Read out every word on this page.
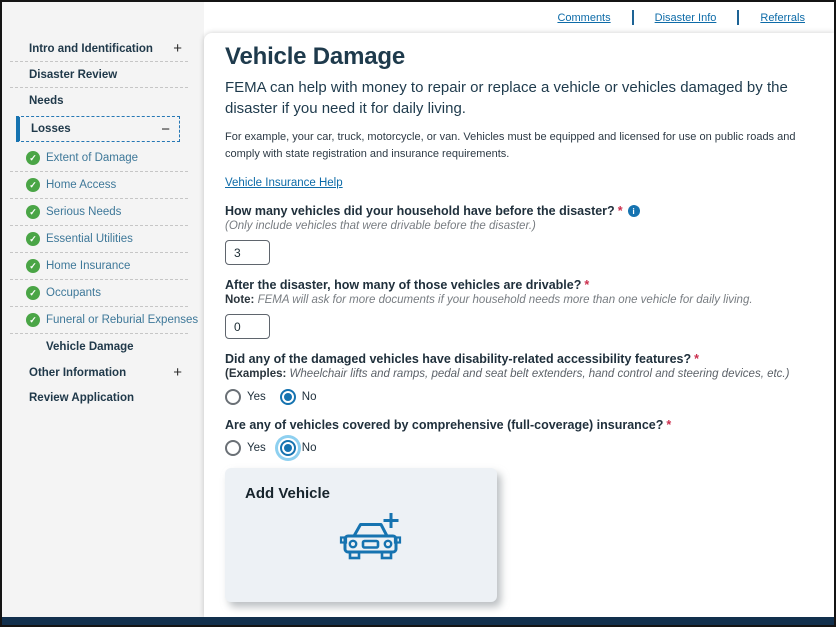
Intro and Identification +
Disaster Review
Needs
Losses	−
✓ Extent of Damage
✓ Home Access
✓ Serious Needs
✓ Essential Utilities
✓ Home Insurance
✓ Occupants
✓ Funeral or Reburial Expenses
Vehicle Damage
Other Information	+
Review Application
Comments	Disaster Info	Referrals
Vehicle Damage

FEMA can help with money to repair or replace a vehicle or vehicles damaged by the disaster if you need it for daily living.

For example, your car, truck, motorcycle, or van. Vehicles must be equipped and licensed for use on public roads and comply with state registration and insurance requirements.

Vehicle Insurance Help
How many vehicles did your household have before the disaster? * i
(Only include vehicles that were drivable before the disaster.)
3
After the disaster, how many of those vehicles are drivable? *
Note: FEMA will ask for more documents if your household needs more than one vehicle for daily living.
0
Did any of the damaged vehicles have disability-related accessibility features? *
(Examples: Wheelchair lifts and ramps, pedal and seat belt extenders, hand control and steering devices, etc.)
Yes	No
Are any of vehicles covered by comprehensive (full-coverage) insurance? *
Yes	No
Add Vehicle
